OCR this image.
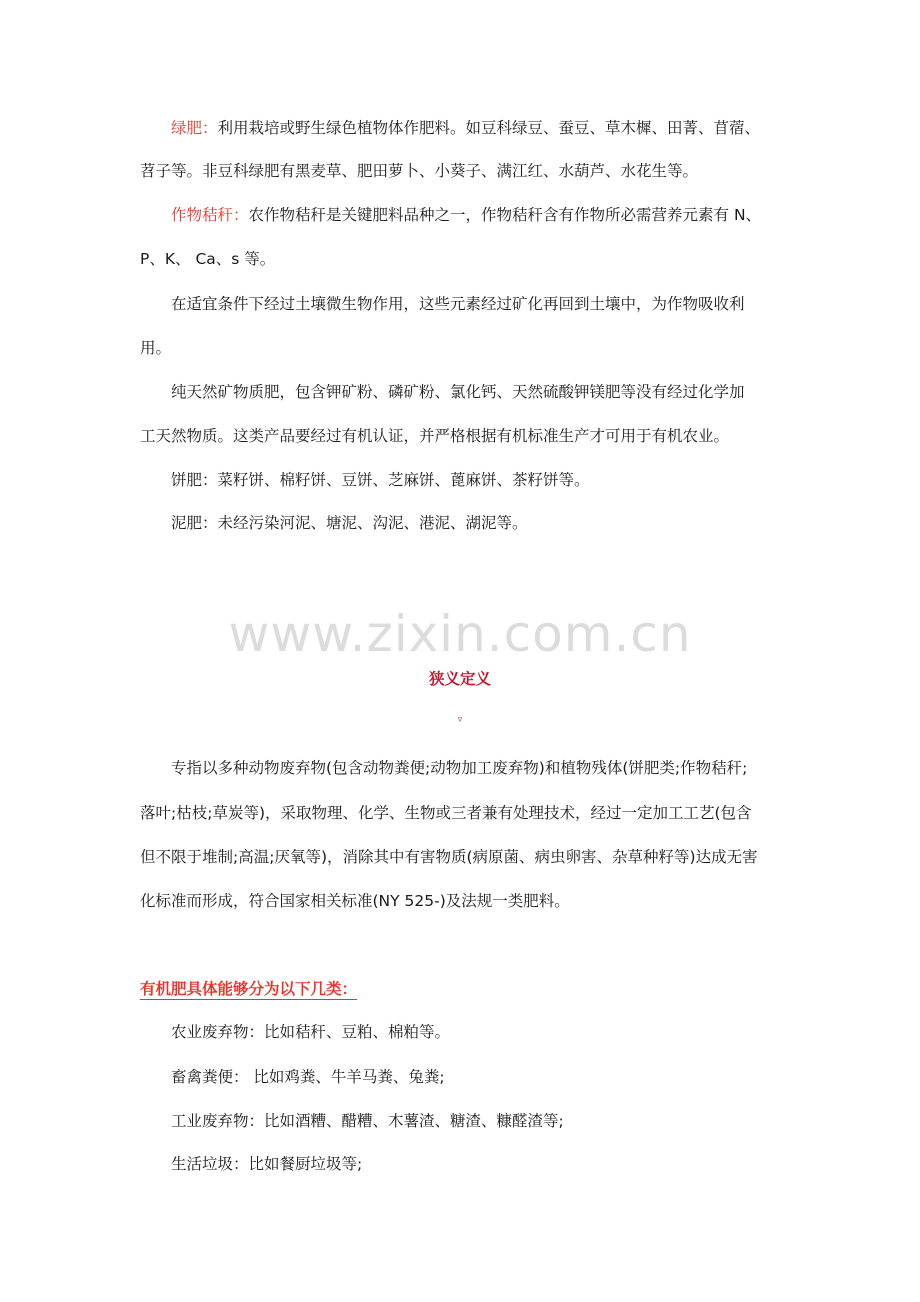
绿肥：利用栽培或野生绿色植物体作肥料。如豆科绿豆、蚕豆、草木樨、田菁、苜蓿、
苕子等。非豆科绿肥有黑麦草、肥田萝卜、小葵子、满江红、水葫芦、水花生等。
作物秸秆：农作物秸秆是关键肥料品种之一，作物秸秆含有作物所必需营养元素有 N、
P、K、 Ca、s 等。
在适宜条件下经过土壤微生物作用，这些元素经过矿化再回到土壤中，为作物吸收利
用。
纯天然矿物质肥，包含钾矿粉、磷矿粉、氯化钙、天然硫酸钾镁肥等没有经过化学加
工天然物质。这类产品要经过有机认证，并严格根据有机标准生产才可用于有机农业。
饼肥：菜籽饼、棉籽饼、豆饼、芝麻饼、蓖麻饼、茶籽饼等。
泥肥：未经污染河泥、塘泥、沟泥、港泥、湖泥等。
www.zixin.com.cn
狭义定义
▿
专指以多种动物废弃物(包含动物粪便;动物加工废弃物)和植物残体(饼肥类;作物秸秆;
落叶;枯枝;草炭等)，采取物理、化学、生物或三者兼有处理技术，经过一定加工工艺(包含
但不限于堆制;高温;厌氧等)，消除其中有害物质(病原菌、病虫卵害、杂草种籽等)达成无害
化标准而形成，符合国家相关标准(NY 525-)及法规一类肥料。
有机肥具体能够分为以下几类：
农业废弃物：比如秸秆、豆粕、棉粕等。
畜禽粪便： 比如鸡粪、牛羊马粪、兔粪;
工业废弃物：比如酒糟、醋糟、木薯渣、糖渣、糠醛渣等;
生活垃圾：比如餐厨垃圾等;
